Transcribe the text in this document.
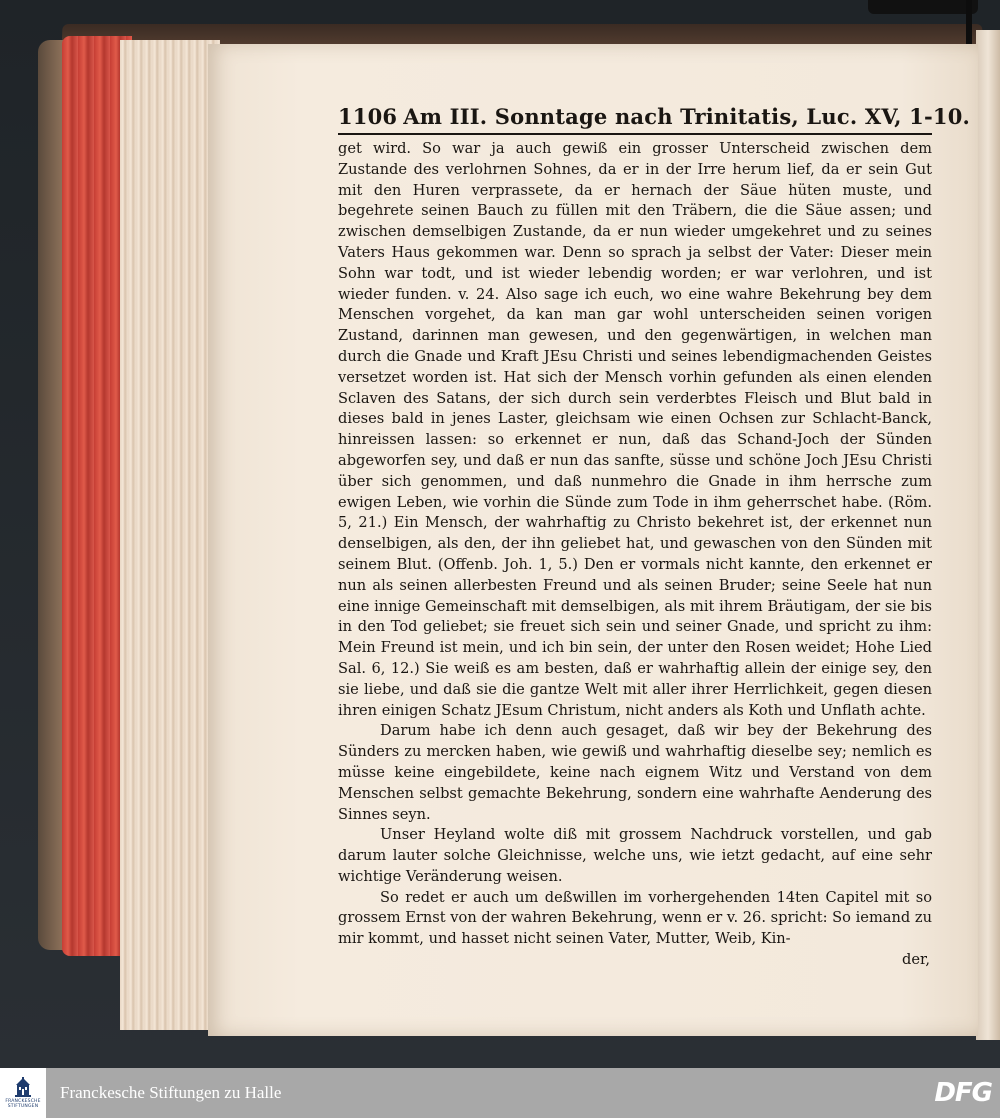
1106 Am III. Sonntage nach Trinitatis, Luc. XV, 1-10.

get wird. So war ja auch gewiß ein grosser Unterscheid zwischen dem Zustande des verlohrnen Sohnes, da er in der Irre herum lief, da er sein Gut mit den Huren verprassete, da er hernach der Säue hüten muste, und begehrete seinen Bauch zu füllen mit den Träbern, die die Säue assen; und zwischen demselbigen Zustande, da er nun wieder umgekehret und zu seines Vaters Haus gekommen war. Denn so sprach ja selbst der Vater: Dieser mein Sohn war todt, und ist wieder lebendig worden; er war verlohren, und ist wieder funden. v. 24. Also sage ich euch, wo eine wahre Bekehrung bey dem Menschen vorgehet, da kan man gar wohl unterscheiden seinen vorigen Zustand, darinnen man gewesen, und den gegenwärtigen, in welchen man durch die Gnade und Kraft JEsu Christi und seines lebendigmachenden Geistes versetzet worden ist. Hat sich der Mensch vorhin gefunden als einen elenden Sclaven des Satans, der sich durch sein verderbtes Fleisch und Blut bald in dieses bald in jenes Laster, gleichsam wie einen Ochsen zur Schlacht-Banck, hinreissen lassen: so erkennet er nun, daß das Schand-Joch der Sünden abgeworfen sey, und daß er nun das sanfte, süsse und schöne Joch JEsu Christi über sich genommen, und daß nunmehro die Gnade in ihm herrsche zum ewigen Leben, wie vorhin die Sünde zum Tode in ihm geherrschet habe. (Röm. 5, 21.) Ein Mensch, der wahrhaftig zu Christo bekehret ist, der erkennet nun denselbigen, als den, der ihn geliebet hat, und gewaschen von den Sünden mit seinem Blut. (Offenb. Joh. 1, 5.) Den er vormals nicht kannte, den erkennet er nun als seinen allerbesten Freund und als seinen Bruder; seine Seele hat nun eine innige Gemeinschaft mit demselbigen, als mit ihrem Bräutigam, der sie bis in den Tod geliebet; sie freuet sich sein und seiner Gnade, und spricht zu ihm: Mein Freund ist mein, und ich bin sein, der unter den Rosen weidet; Hohe Lied Sal. 6, 12.) Sie weiß es am besten, daß er wahrhaftig allein der einige sey, den sie liebe, und daß sie die gantze Welt mit aller ihrer Herrlichkeit, gegen diesen ihren einigen Schatz JEsum Christum, nicht anders als Koth und Unflath achte.

Darum habe ich denn auch gesaget, daß wir bey der Bekehrung des Sünders zu mercken haben, wie gewiß und wahrhaftig dieselbe sey; nemlich es müsse keine eingebildete, keine nach eignem Witz und Verstand von dem Menschen selbst gemachte Bekehrung, sondern eine wahrhafte Aenderung des Sinnes seyn.

Unser Heyland wolte diß mit grossem Nachdruck vorstellen, und gab darum lauter solche Gleichnisse, welche uns, wie ietzt gedacht, auf eine sehr wichtige Veränderung weisen.

So redet er auch um deßwillen im vorhergehenden 14ten Capitel mit so grossem Ernst von der wahren Bekehrung, wenn er v. 26. spricht: So iemand zu mir kommt, und hasset nicht seinen Vater, Mutter, Weib, Kin-

der,

FRANCKESCHE
STIFTUNGEN
Franckesche Stiftungen zu Halle	DFG
